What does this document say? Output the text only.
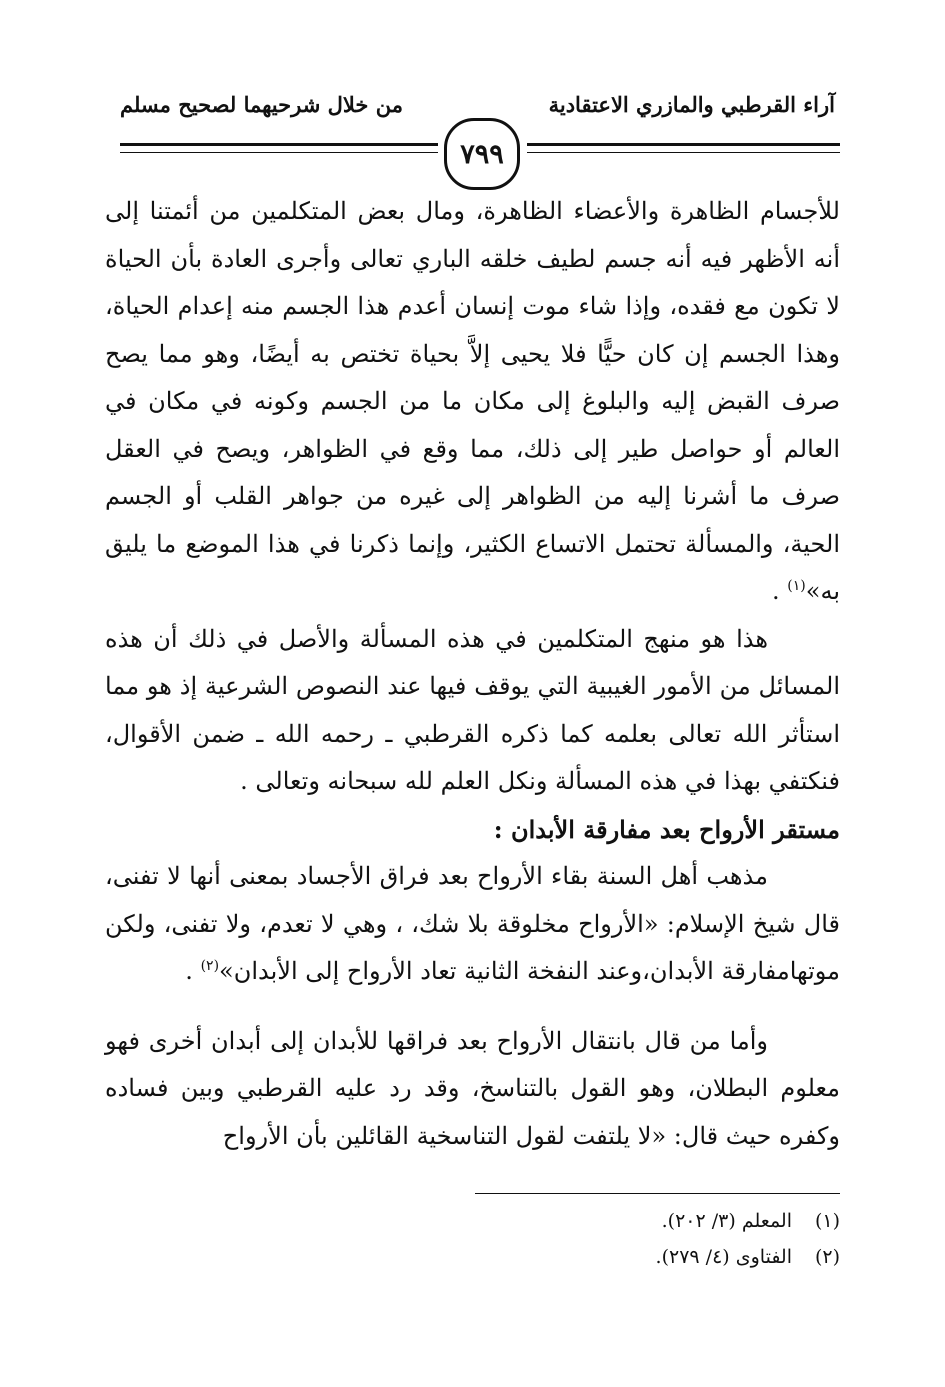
آراء القرطبي والمازري الاعتقادية
من خلال شرحيهما لصحيح مسلم
٧٩٩

للأجسام الظاهرة والأعضاء الظاهرة، ومال بعض المتكلمين من أئمتنا إلى أنه الأظهر فيه أنه جسم لطيف خلقه الباري تعالى وأجرى العادة بأن الحياة لا تكون مع فقده، وإذا شاء موت إنسان أعدم هذا الجسم منه إعدام الحياة، وهذا الجسم إن كان حيًّا فلا يحيى إلاَّ بحياة تختص به أيضًا، وهو مما يصح صرف القبض إليه والبلوغ إلى مكان ما من الجسم وكونه في مكان في العالم أو حواصل طير إلى ذلك، مما وقع في الظواهر، ويصح في العقل صرف ما أشرنا إليه من الظواهر إلى غيره من جواهر القلب أو الجسم الحية، والمسألة تحتمل الاتساع الكثير، وإنما ذكرنا في هذا الموضع ما يليق به»$^{(١)}$ .

هذا هو منهج المتكلمين في هذه المسألة والأصل في ذلك أن هذه المسائل من الأمور الغيبية التي يوقف فيها عند النصوص الشرعية إذ هو مما استأثر الله تعالى بعلمه كما ذكره القرطبي ـ رحمه الله ـ ضمن الأقوال، فنكتفي بهذا في هذه المسألة ونكل العلم لله سبحانه وتعالى .

مستقر الأرواح بعد مفارقة الأبدان :

مذهب أهل السنة بقاء الأرواح بعد فراق الأجساد بمعنى أنها لا تفنى، قال شيخ الإسلام: «الأرواح مخلوقة بلا شك، ، وهي لا تعدم، ولا تفنى، ولكن موتهامفارقة الأبدان،وعند النفخة الثانية تعاد الأرواح إلى الأبدان»$^{(٢)}$ .

وأما من قال بانتقال الأرواح بعد فراقها للأبدان إلى أبدان أخرى فهو معلوم البطلان، وهو القول بالتناسخ، وقد رد عليه القرطبي وبين فساده وكفره حيث قال: «لا يلتفت لقول التناسخية القائلين بأن الأرواح

(١)المعلم (٣/ ٢٠٢).

(٢)الفتاوى (٤/ ٢٧٩).
